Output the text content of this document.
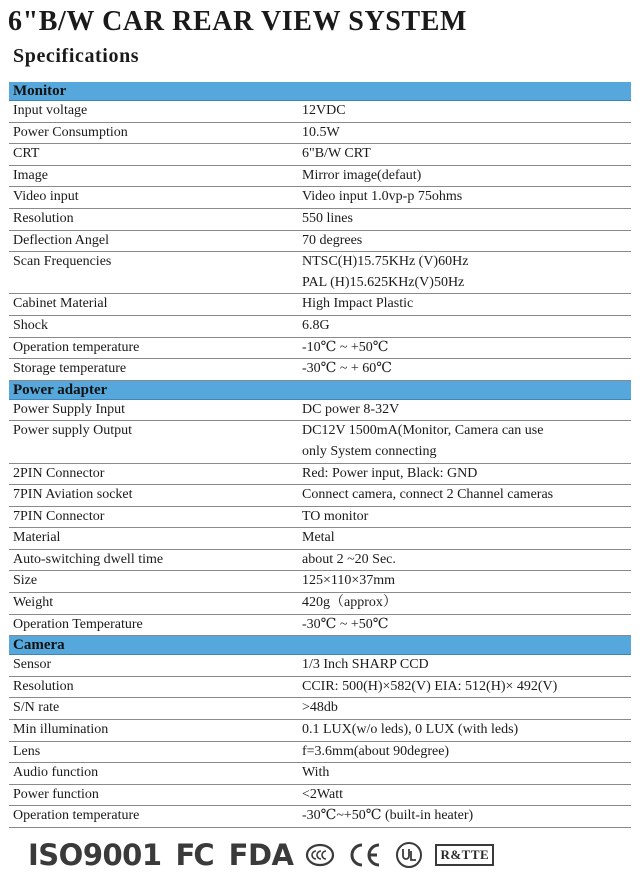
6"B/W CAR REAR VIEW SYSTEM
Specifications
Monitor	
Input voltage	12VDC

Power Consumption	10.5W

CRT	6"B/W CRT

Image	Mirror image(defaut)

Video input	Video input 1.0vp-p 75ohms

Resolution	550 lines

Deflection Angel	70 degrees

Scan Frequencies	NTSC(H)15.75KHz (V)60Hz
PAL (H)15.625KHz(V)50Hz

Cabinet Material	High Impact Plastic

Shock	6.8G

Operation temperature	-10℃ ~ +50℃

Storage temperature	-30℃ ~ + 60℃

Power adapter	
Power Supply Input	DC power 8-32V

Power supply Output	DC12V 1500mA(Monitor, Camera can use
only System connecting

2PIN Connector	Red: Power input, Black: GND

7PIN Aviation socket	Connect camera, connect 2 Channel cameras

7PIN Connector	TO monitor

Material	Metal

Auto-switching dwell time	about 2 ~20 Sec.

Size	125×110×37mm

Weight	420g（approx）

Operation Temperature	-30℃ ~ +50℃

Camera	
Sensor	1/3 Inch SHARP CCD

Resolution	CCIR: 500(H)×582(V) EIA: 512(H)× 492(V)

S/N rate	>48db

Min illumination	0.1 LUX(w/o leds), 0 LUX (with leds)

Lens	f=3.6mm(about 90degree)

Audio function	With

Power function	<2Watt

Operation temperature	-30℃~+50℃ (built-in heater)
ISO9001 FC FDA	R&TTE
